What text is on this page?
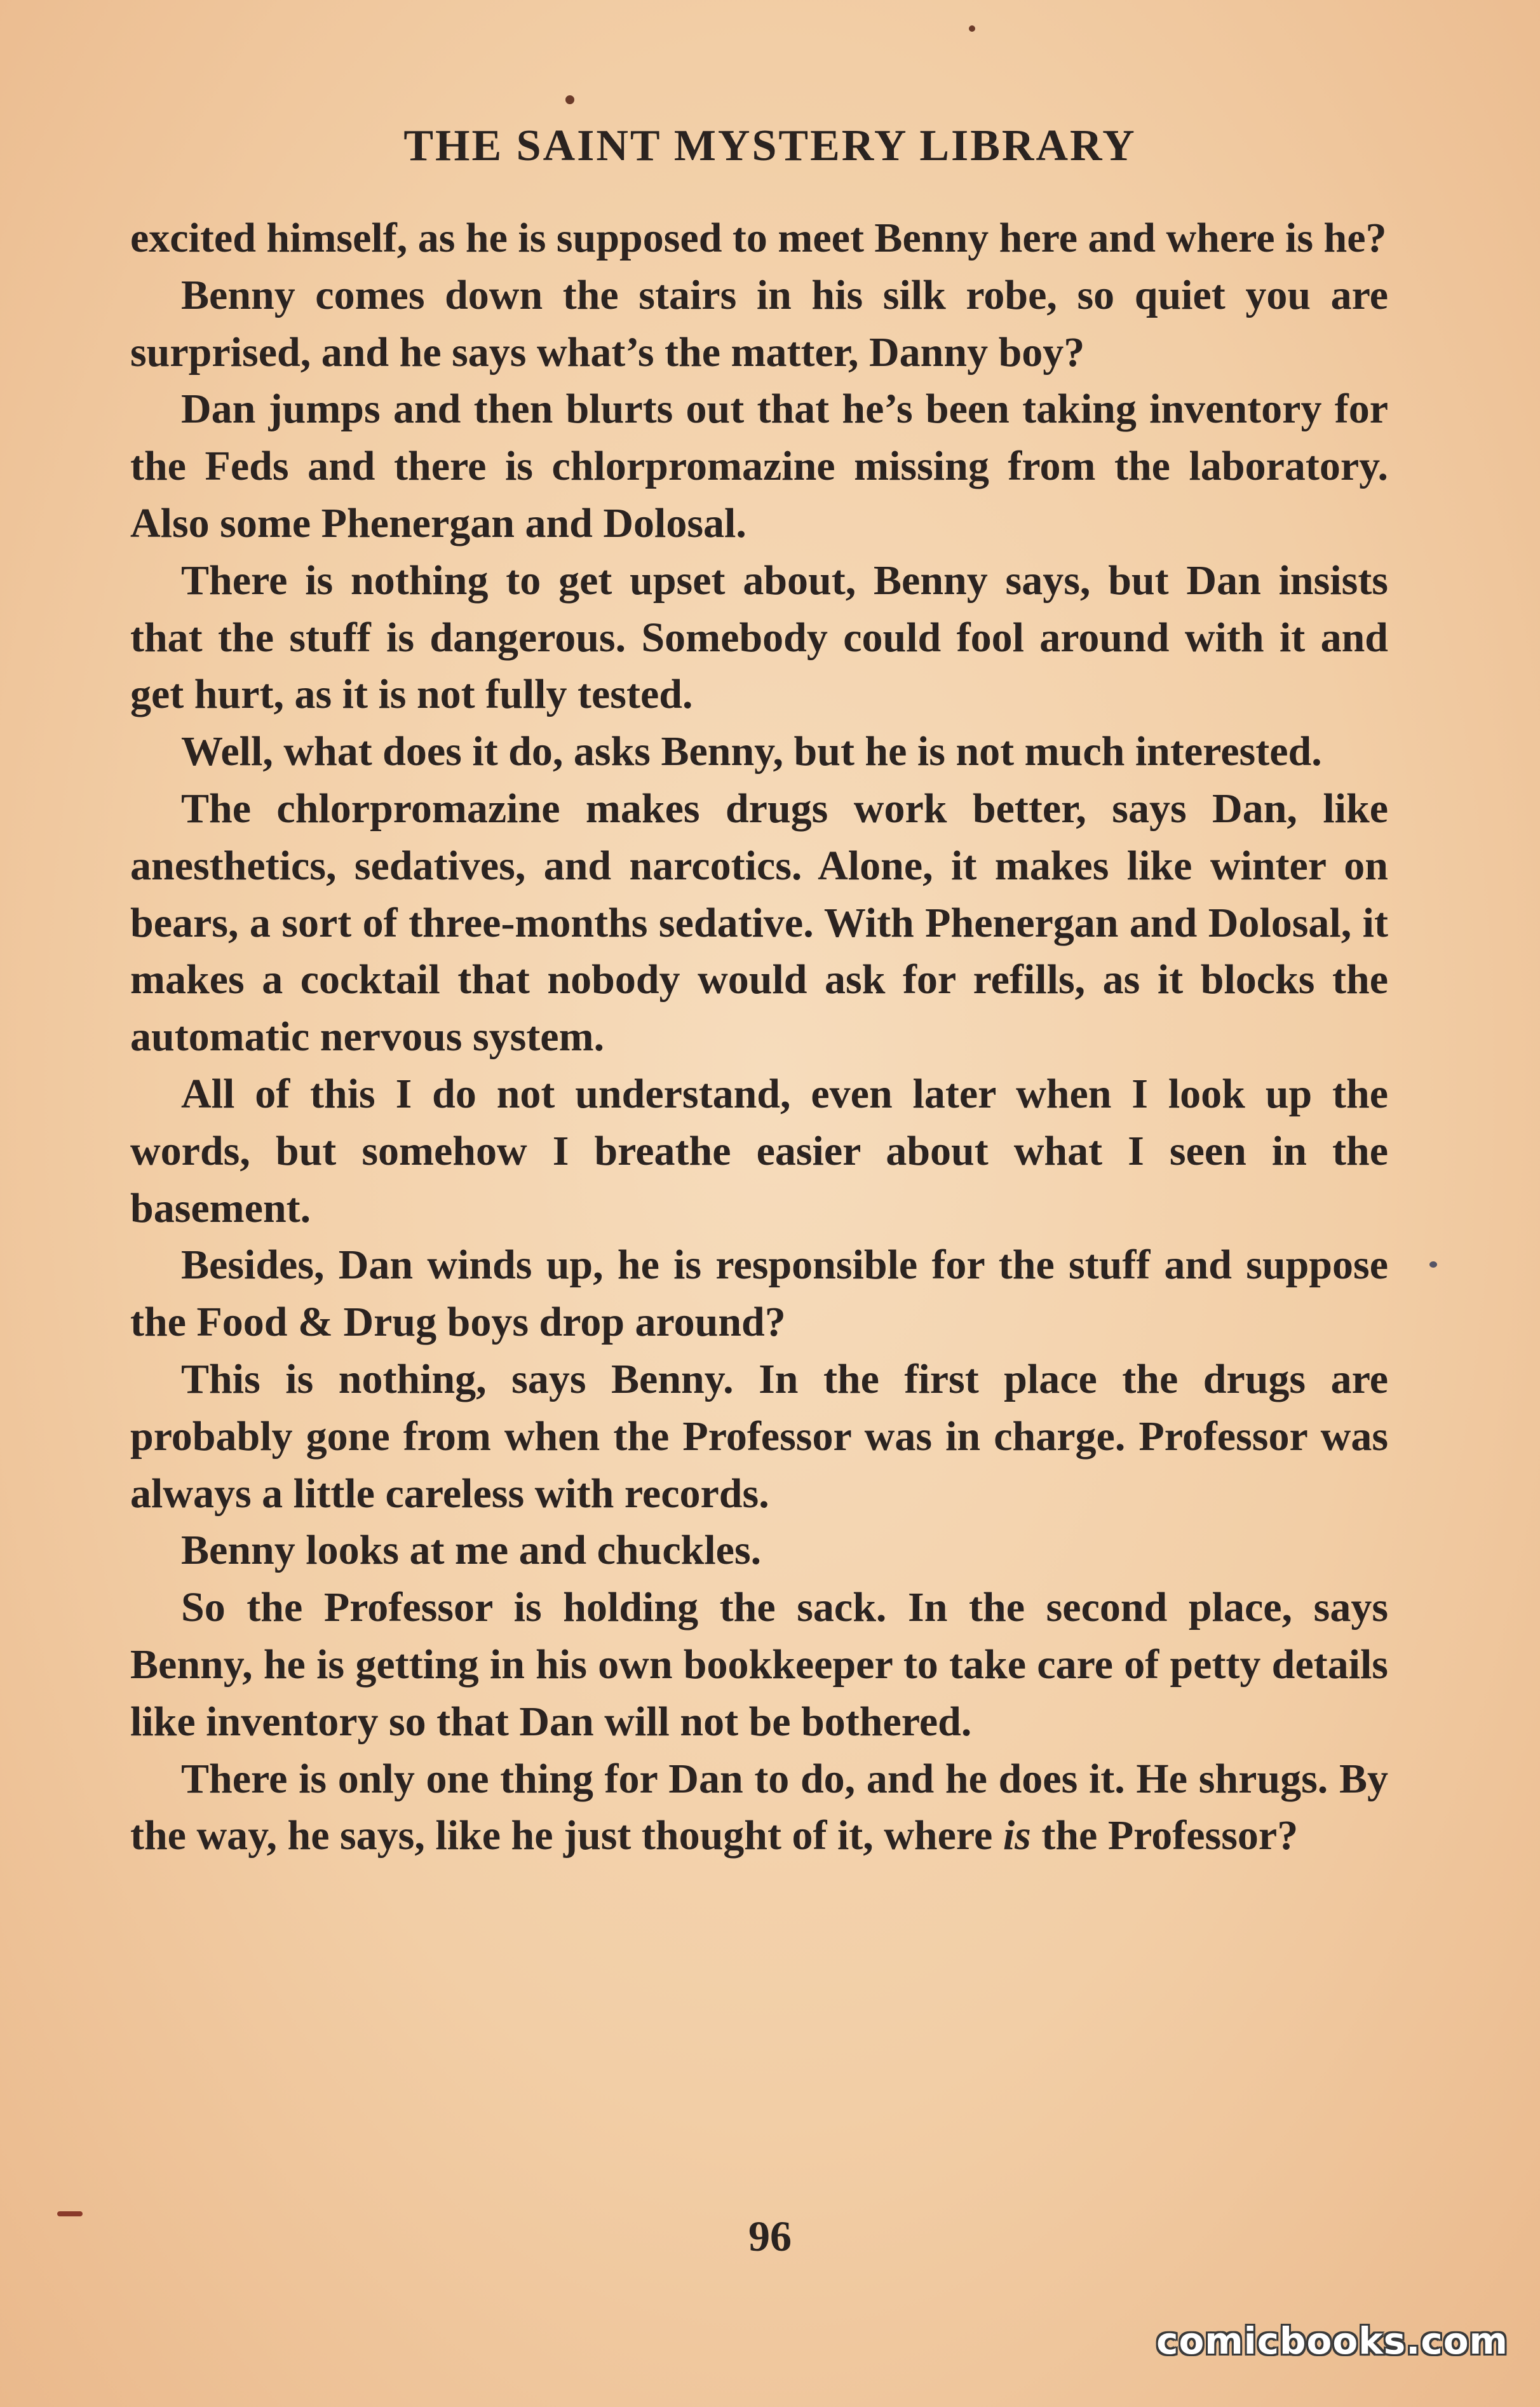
THE SAINT MYSTERY LIBRARY

excited himself, as he is supposed to meet Benny here and where is he?

Benny comes down the stairs in his silk robe, so quiet you are surprised, and he says what’s the matter, Danny boy?

Dan jumps and then blurts out that he’s been taking inventory for the Feds and there is chlorpromazine missing from the laboratory. Also some Phenergan and Dolosal.

There is nothing to get upset about, Benny says, but Dan insists that the stuff is dangerous. Somebody could fool around with it and get hurt, as it is not fully tested.

Well, what does it do, asks Benny, but he is not much interested.

The chlorpromazine makes drugs work better, says Dan, like anesthetics, sedatives, and narcotics. Alone, it makes like winter on bears, a sort of three-months sedative. With Phenergan and Dolosal, it makes a cocktail that nobody would ask for refills, as it blocks the automatic nervous system.

All of this I do not understand, even later when I look up the words, but somehow I breathe easier about what I seen in the basement.

Besides, Dan winds up, he is responsible for the stuff and suppose the Food & Drug boys drop around?

This is nothing, says Benny. In the first place the drugs are probably gone from when the Professor was in charge. Professor was always a little careless with records.

Benny looks at me and chuckles.

So the Professor is holding the sack. In the second place, says Benny, he is getting in his own bookkeeper to take care of petty details like inventory so that Dan will not be bothered.

There is only one thing for Dan to do, and he does it. He shrugs. By the way, he says, like he just thought of it, where is the Professor?

96
comicbooks.com
